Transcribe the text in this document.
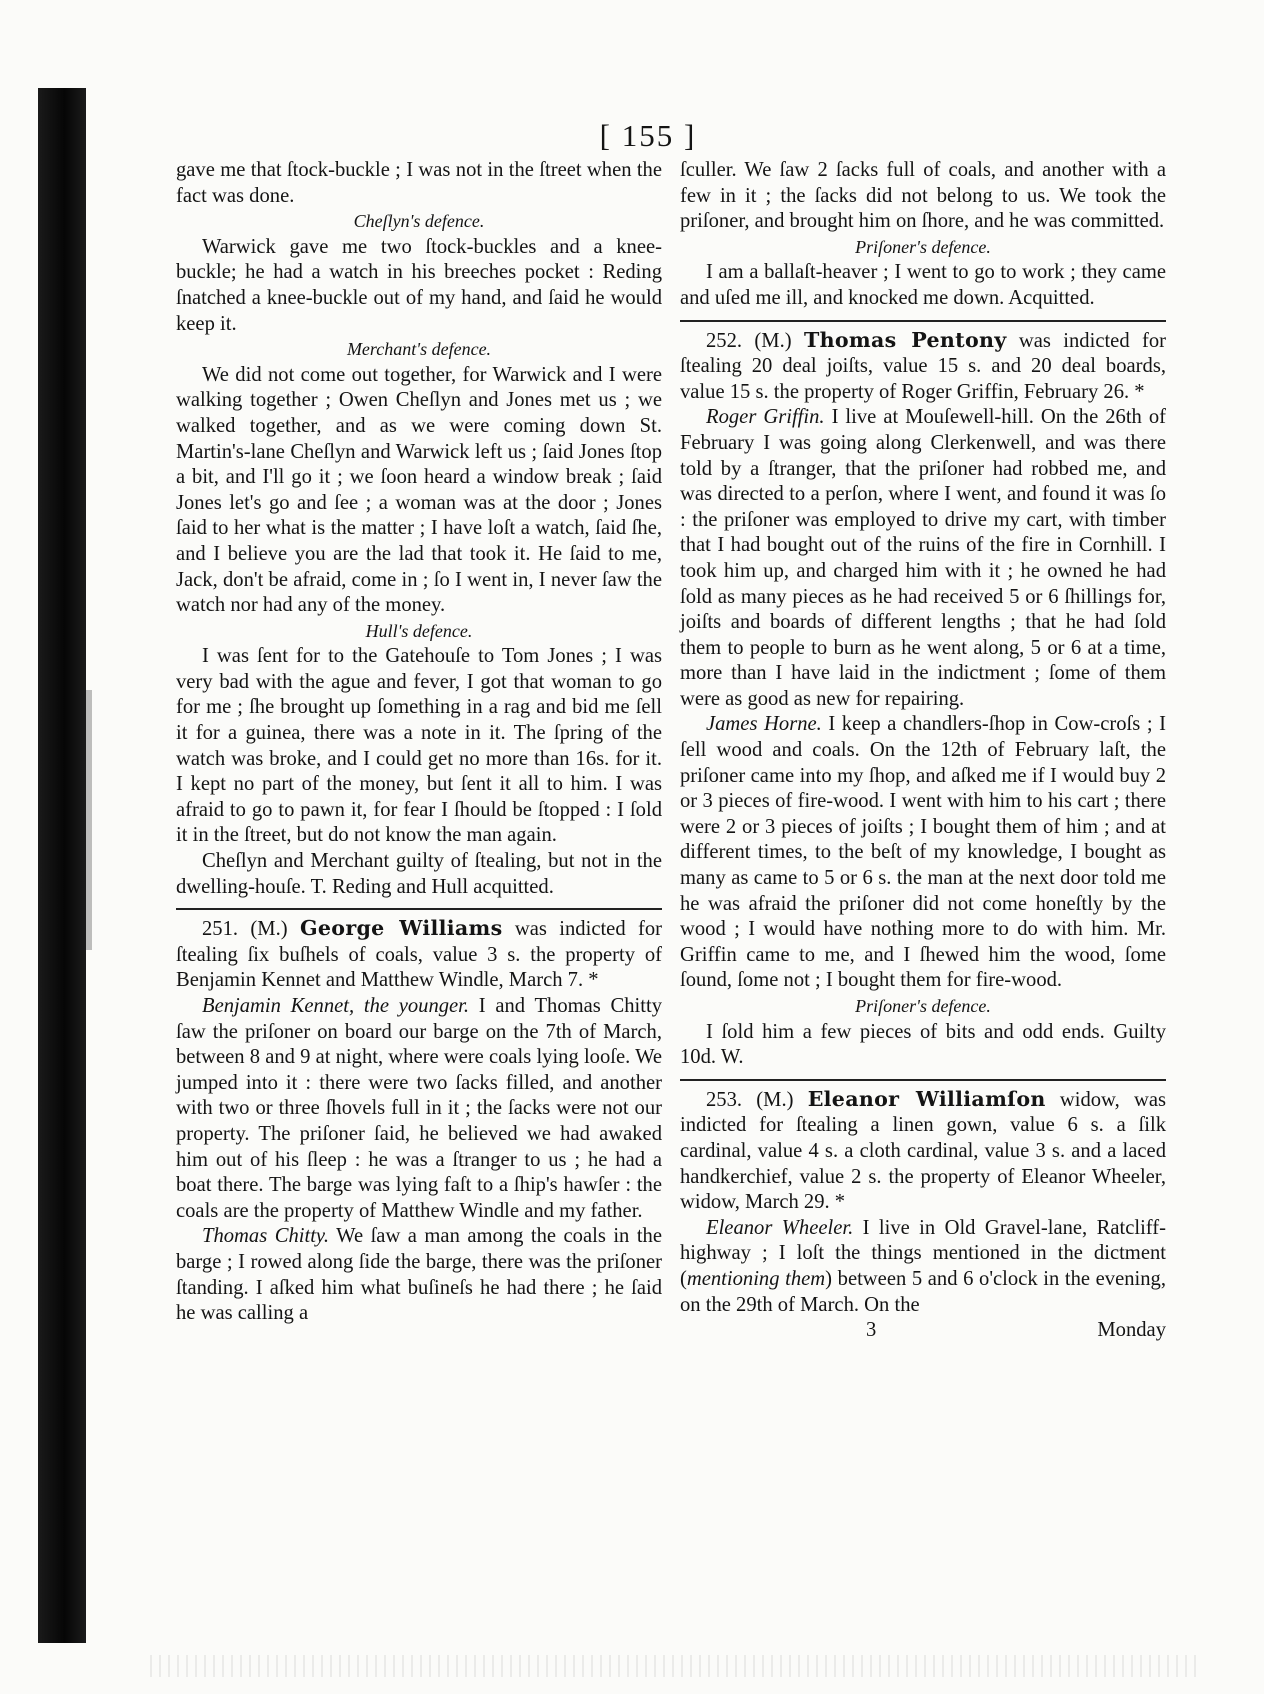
[ 155 ]

gave me that ſtock-buckle ; I was not in the ſtreet when the fact was done.

Cheſlyn's defence.

Warwick gave me two ſtock-buckles and a knee-buckle; he had a watch in his breeches pocket : Reding ſnatched a knee-buckle out of my hand, and ſaid he would keep it.

Merchant's defence.

We did not come out together, for Warwick and I were walking together ; Owen Cheſlyn and Jones met us ; we walked together, and as we were coming down St. Martin's-lane Cheſlyn and Warwick left us ; ſaid Jones ſtop a bit, and I'll go it ; we ſoon heard a window break ; ſaid Jones let's go and ſee ; a woman was at the door ; Jones ſaid to her what is the matter ; I have loſt a watch, ſaid ſhe, and I believe you are the lad that took it. He ſaid to me, Jack, don't be afraid, come in ; ſo I went in, I never ſaw the watch nor had any of the money.

Hull's defence.

I was ſent for to the Gatehouſe to Tom Jones ; I was very bad with the ague and fever, I got that woman to go for me ; ſhe brought up ſomething in a rag and bid me ſell it for a guinea, there was a note in it. The ſpring of the watch was broke, and I could get no more than 16s. for it. I kept no part of the money, but ſent it all to him. I was afraid to go to pawn it, for fear I ſhould be ſtopped : I ſold it in the ſtreet, but do not know the man again.

Cheſlyn and Merchant guilty of ſtealing, but not in the dwelling-houſe. T. Reding and Hull acquitted.

251. (M.) George Williams was indicted for ſtealing ſix buſhels of coals, value 3 s. the property of Benjamin Kennet and Matthew Windle, March 7. *

Benjamin Kennet, the younger. I and Thomas Chitty ſaw the priſoner on board our barge on the 7th of March, between 8 and 9 at night, where were coals lying looſe. We jumped into it : there were two ſacks filled, and another with two or three ſhovels full in it ; the ſacks were not our property. The priſoner ſaid, he believed we had awaked him out of his ſleep : he was a ſtranger to us ; he had a boat there. The barge was lying faſt to a ſhip's hawſer : the coals are the property of Matthew Windle and my father.

Thomas Chitty. We ſaw a man among the coals in the barge ; I rowed along ſide the barge, there was the priſoner ſtanding. I aſked him what buſineſs he had there ; he ſaid he was calling a

ſculler. We ſaw 2 ſacks full of coals, and another with a few in it ; the ſacks did not belong to us. We took the priſoner, and brought him on ſhore, and he was committed.

Priſoner's defence.

I am a ballaſt-heaver ; I went to go to work ; they came and uſed me ill, and knocked me down. Acquitted.

252. (M.) Thomas Pentony was indicted for ſtealing 20 deal joiſts, value 15 s. and 20 deal boards, value 15 s. the property of Roger Griffin, February 26. *

Roger Griffin. I live at Mouſewell-hill. On the 26th of February I was going along Clerkenwell, and was there told by a ſtranger, that the priſoner had robbed me, and was directed to a perſon, where I went, and found it was ſo : the priſoner was employed to drive my cart, with timber that I had bought out of the ruins of the fire in Cornhill. I took him up, and charged him with it ; he owned he had ſold as many pieces as he had received 5 or 6 ſhillings for, joiſts and boards of different lengths ; that he had ſold them to people to burn as he went along, 5 or 6 at a time, more than I have laid in the indictment ; ſome of them were as good as new for repairing.

James Horne. I keep a chandlers-ſhop in Cow-croſs ; I ſell wood and coals. On the 12th of February laſt, the priſoner came into my ſhop, and aſked me if I would buy 2 or 3 pieces of fire-wood. I went with him to his cart ; there were 2 or 3 pieces of joiſts ; I bought them of him ; and at different times, to the beſt of my knowledge, I bought as many as came to 5 or 6 s. the man at the next door told me he was afraid the priſoner did not come honeſtly by the wood ; I would have nothing more to do with him. Mr. Griffin came to me, and I ſhewed him the wood, ſome ſound, ſome not ; I bought them for fire-wood.

Priſoner's defence.

I ſold him a few pieces of bits and odd ends. Guilty 10d. W.

253. (M.) Eleanor Williamſon widow, was indicted for ſtealing a linen gown, value 6 s. a ſilk cardinal, value 4 s. a cloth cardinal, value 3 s. and a laced handkerchief, value 2 s. the property of Eleanor Wheeler, widow, March 29. *

Eleanor Wheeler. I live in Old Gravel-lane, Ratcliff-highway ; I loſt the things mentioned in the dictment (mentioning them) between 5 and 6 o'clock in the evening, on the 29th of March. On the

3	Monday
